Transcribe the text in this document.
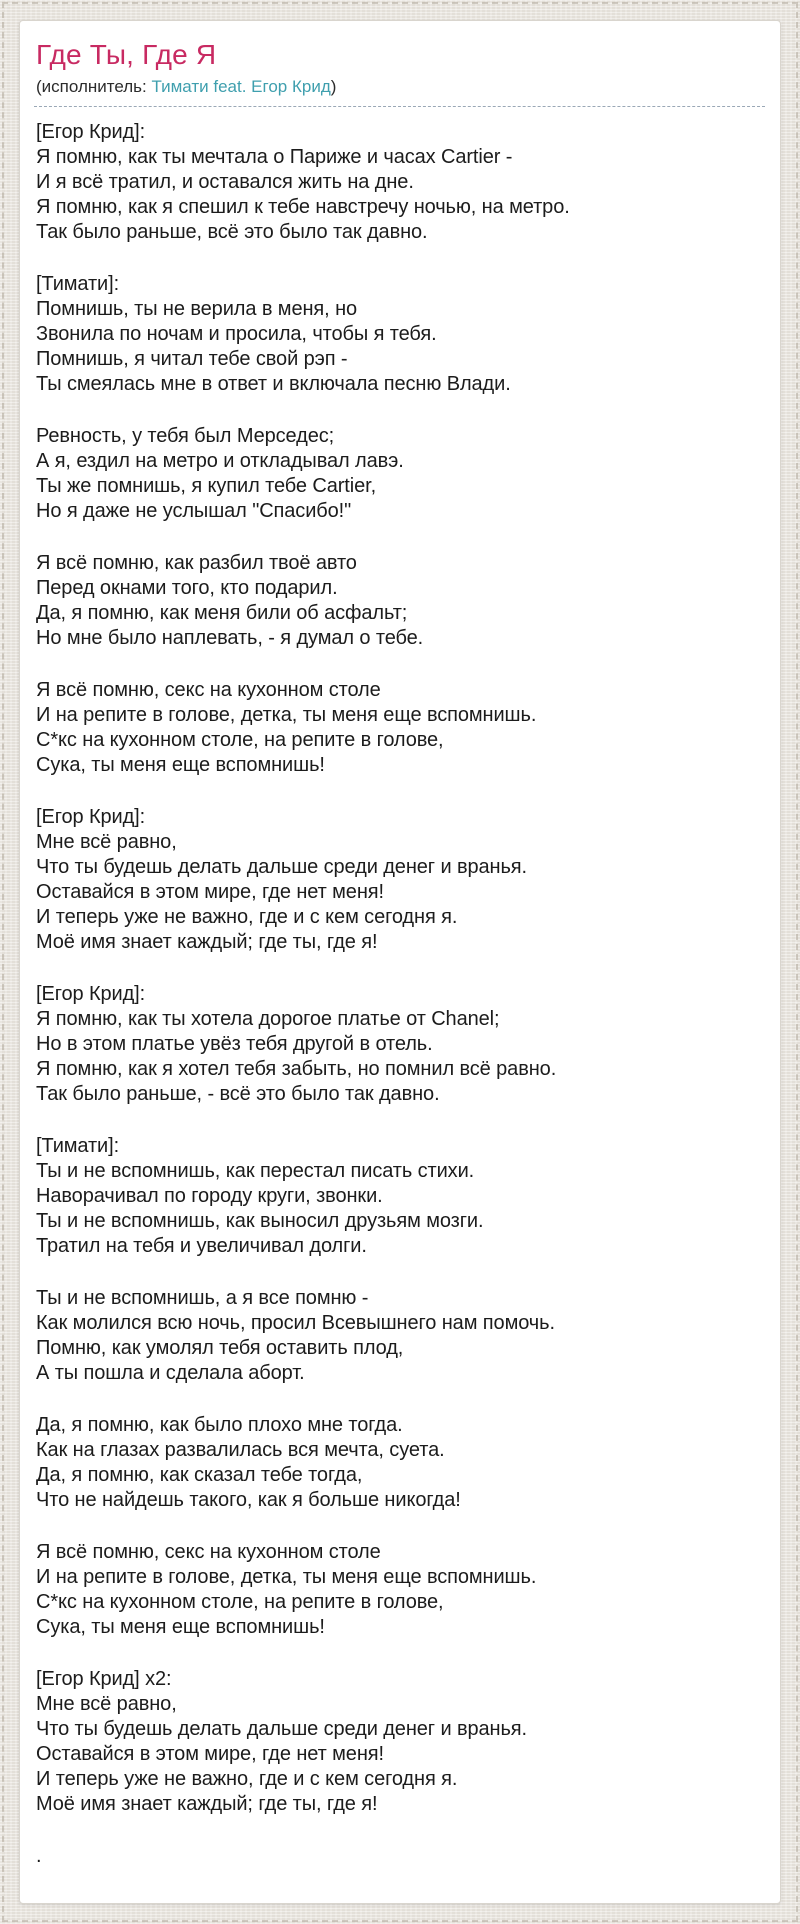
Где Ты, Где Я
(исполнитель: Тимати feat. Егор Крид)
[Егор Крид]:
Я помню, как ты мечтала о Париже и часах Cartier -
И я всё тратил, и оставался жить на дне.
Я помню, как я спешил к тебе навстречу ночью, на метро.
Так было раньше, всё это было так давно.
[Тимати]:
Помнишь, ты не верила в меня, но
Звонила по ночам и просила, чтобы я тебя.
Помнишь, я читал тебе свой рэп -
Ты смеялась мне в ответ и включала песню Влади.
Ревность, у тебя был Мерседес;
А я, ездил на метро и откладывал лавэ.
Ты же помнишь, я купил тебе Cartier,
Но я даже не услышал "Спасибо!"
Я всё помню, как разбил твоё авто
Перед окнами того, кто подарил.
Да, я помню, как меня били об асфальт;
Но мне было наплевать, - я думал о тебе.
Я всё помню, секс на кухонном столе
И на репите в голове, детка, ты меня еще вспомнишь.
С*кс на кухонном столе, на репите в голове,
Сука, ты меня еще вспомнишь!
[Егор Крид]:
Мне всё равно,
Что ты будешь делать дальше среди денег и вранья.
Оставайся в этом мире, где нет меня!
И теперь уже не важно, где и с кем сегодня я.
Моё имя знает каждый; где ты, где я!
[Егор Крид]:
Я помню, как ты хотела дорогое платье от Chanel;
Но в этом платье увёз тебя другой в отель.
Я помню, как я хотел тебя забыть, но помнил всё равно.
Так было раньше, - всё это было так давно.
[Тимати]:
Ты и не вспомнишь, как перестал писать стихи.
Наворачивал по городу круги, звонки.
Ты и не вспомнишь, как выносил друзьям мозги.
Тратил на тебя и увеличивал долги.
Ты и не вспомнишь, а я все помню -
Как молился всю ночь, просил Всевышнего нам помочь.
Помню, как умолял тебя оставить плод,
А ты пошла и сделала аборт.
Да, я помню, как было плохо мне тогда.
Как на глазах развалилась вся мечта, суета.
Да, я помню, как сказал тебе тогда,
Что не найдешь такого, как я больше никогда!
Я всё помню, секс на кухонном столе
И на репите в голове, детка, ты меня еще вспомнишь.
С*кс на кухонном столе, на репите в голове,
Сука, ты меня еще вспомнишь!
[Егор Крид] х2:
Мне всё равно,
Что ты будешь делать дальше среди денег и вранья.
Оставайся в этом мире, где нет меня!
И теперь уже не важно, где и с кем сегодня я.
Моё имя знает каждый; где ты, где я!
.
